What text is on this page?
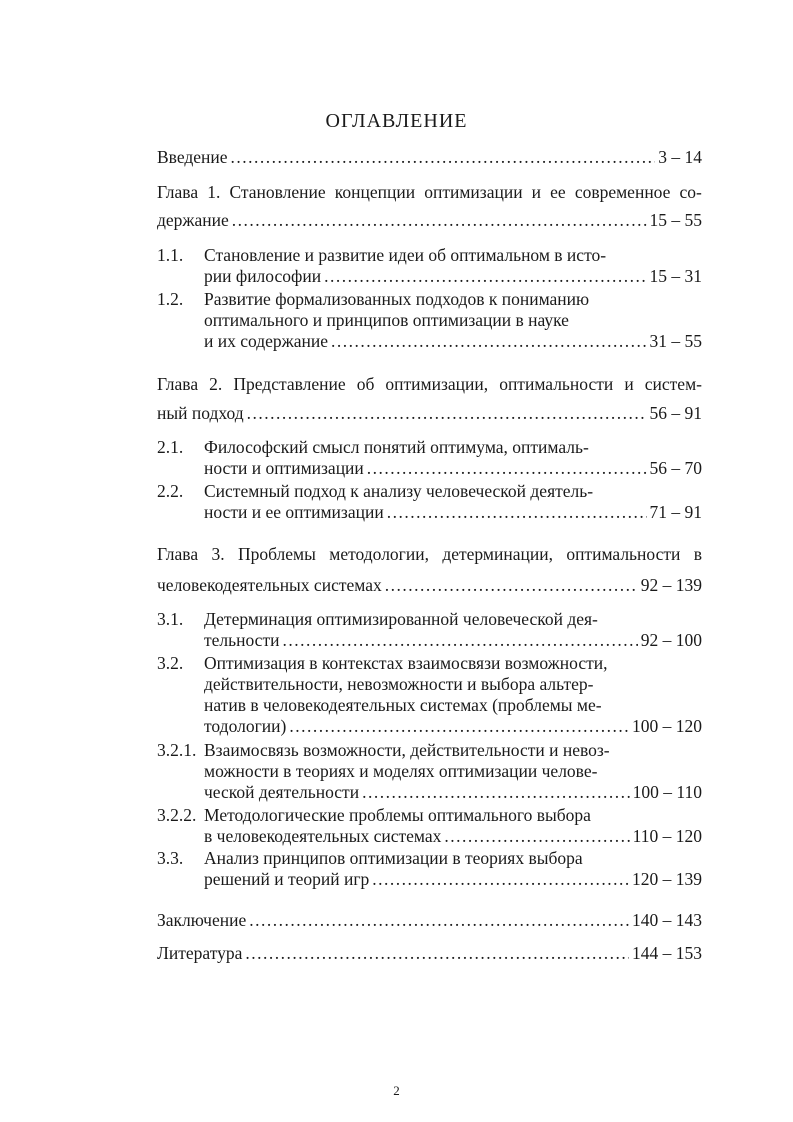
ОГЛАВЛЕНИЕ
Введение .....	3 – 14
Глава 1. Становление концепции оптимизации и ее современное со-
держание .....	15 – 55
1.1. Становление и развитие идеи об оптимальном в исто-
рии философии .....	15 – 31
1.2. Развитие формализованных подходов к пониманию
оптимального и принципов оптимизации в науке
и их содержание .....	31 – 55
Глава 2. Представление об оптимизации, оптимальности и систем-
ный подход .....	56 – 91
2.1. Философский смысл понятий оптимума, оптималь-
ности и оптимизации .....	56 – 70
2.2. Системный подход к анализу человеческой деятель-
ности и ее оптимизации .....	71 – 91
Глава 3. Проблемы методологии, детерминации, оптимальности в
человекодеятельных системах .....	92 – 139
3.1. Детерминация оптимизированной человеческой дея-
тельности .....	92 – 100
3.2. Оптимизация в контекстах взаимосвязи возможности,
действительности, невозможности и выбора альтер-
натив в человекодеятельных системах (проблемы ме-
тодологии) .....	100 – 120
3.2.1. Взаимосвязь возможности, действительности и невоз-
можности в теориях и моделях оптимизации челове-
ческой деятельности .....	100 – 110
3.2.2. Методологические проблемы оптимального выбора
в человекодеятельных системах .....	110 – 120
3.3. Анализ принципов оптимизации в теориях выбора
решений и теорий игр .....	120 – 139
Заключение .....	140 – 143
Литература .....	144 – 153
2
